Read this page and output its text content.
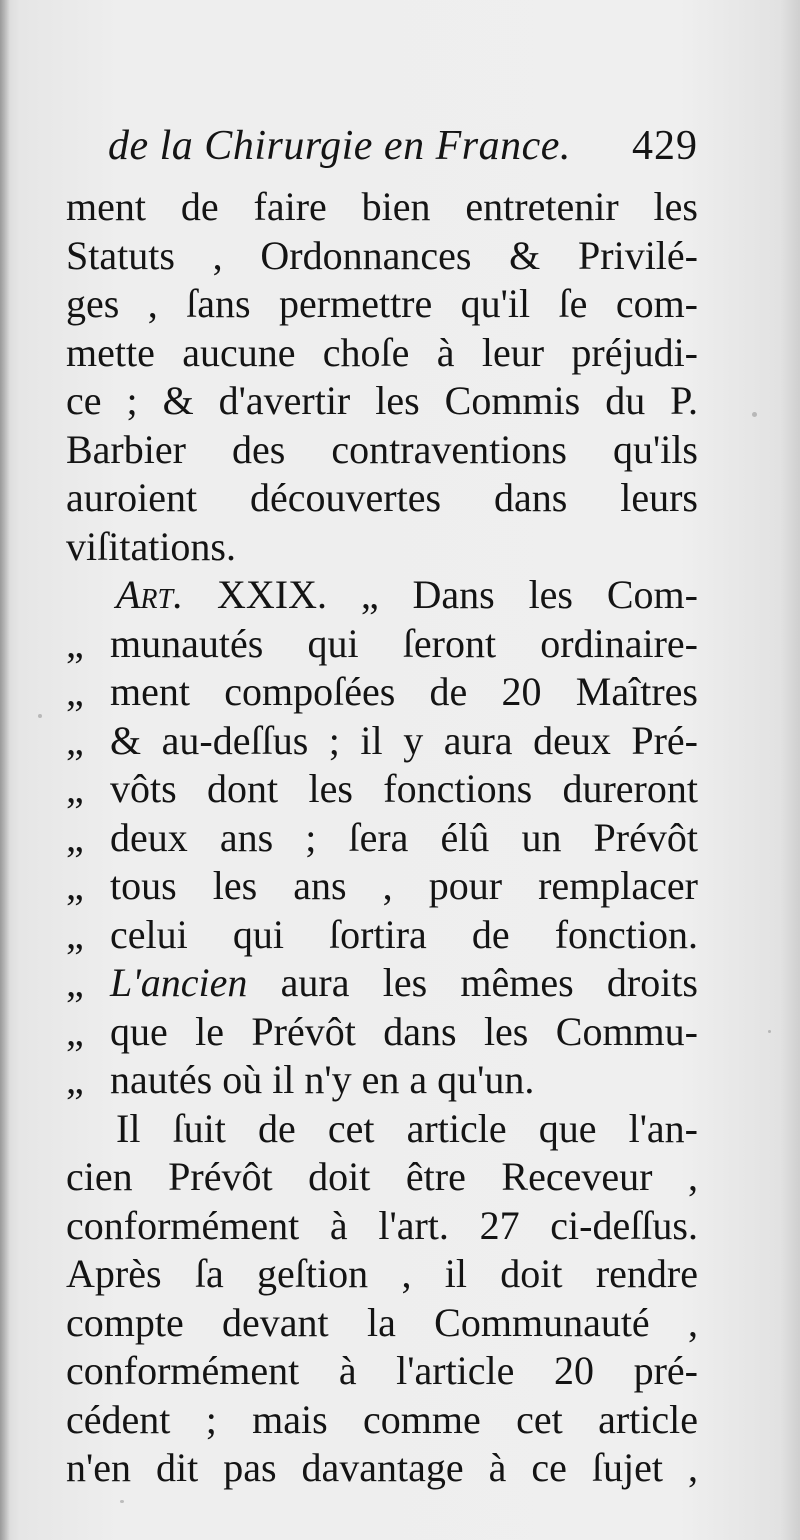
de la Chirurgie en France. 429
ment de faire bien entretenir les
Statuts , Ordonnances & Privilé-
ges , ſans permettre qu'il ſe com-
mette aucune choſe à leur préjudi-
ce ; & d'avertir les Commis du P.
Barbier des contraventions qu'ils
auroient découvertes dans leurs
viſitations.
Art. XXIX. „ Dans les Com-
„ munautés qui ſeront ordinaire-
„ ment compoſées de 20 Maîtres
„ & au-deſſus ; il y aura deux Pré-
„ vôts dont les fonctions dureront
„ deux ans ; ſera élû un Prévôt
„ tous les ans , pour remplacer
„ celui qui ſortira de fonction.
„ L'ancien aura les mêmes droits
„ que le Prévôt dans les Commu-
„ nautés où il n'y en a qu'un.
Il ſuit de cet article que l'an-
cien Prévôt doit être Receveur ,
conformément à l'art. 27 ci-deſſus.
Après ſa geſtion , il doit rendre
compte devant la Communauté ,
conformément à l'article 20 pré-
cédent ; mais comme cet article
n'en dit pas davantage à ce ſujet ,
